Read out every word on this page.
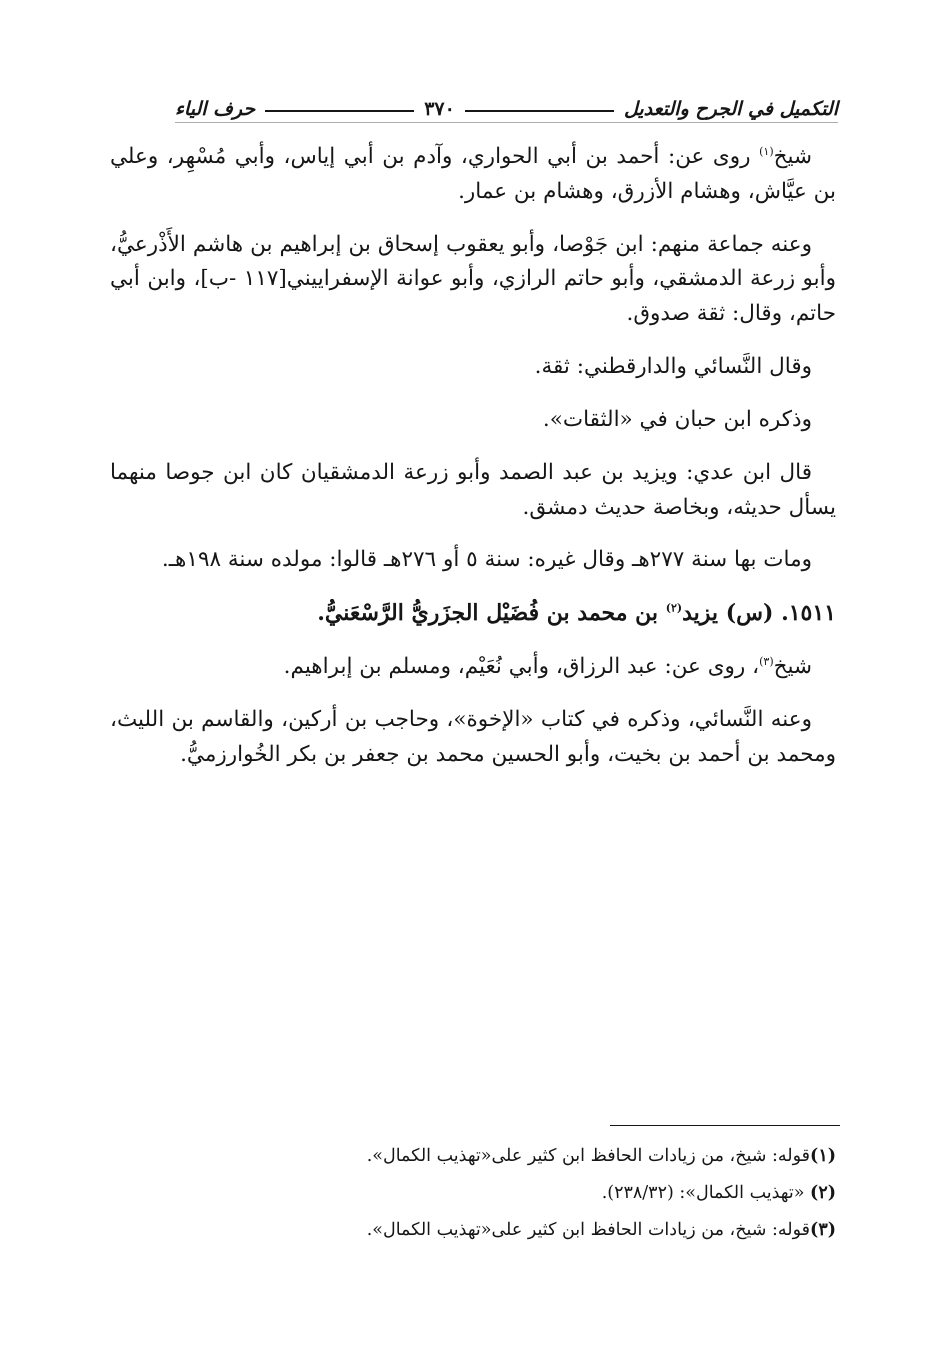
التكميل في الجرح والتعديل
٣٧٠
حرف الياء

شيخ$^{(١)}$ روى عن: أحمد بن أبي الحواري، وآدم بن أبي إياس، وأبي مُسْهِر، وعلي بن عيَّاش، وهشام الأزرق، وهشام بن عمار.

وعنه جماعة منهم: ابن جَوْصا، وأبو يعقوب إسحاق بن إبراهيم بن هاشم الأَذْرعيُّ، وأبو زرعة الدمشقي، وأبو حاتم الرازي، وأبو عوانة الإسفراييني[١١٧ -ب]، وابن أبي حاتم، وقال: ثقة صدوق.

وقال النَّسائي والدارقطني: ثقة.

وذكره ابن حبان في «الثقات».

قال ابن عدي: ويزيد بن عبد الصمد وأبو زرعة الدمشقيان كان ابن جوصا منهما يسأل حديثه، وبخاصة حديث دمشق.

ومات بها سنة ٢٧٧هـ وقال غيره: سنة ٥ أو ٢٧٦هـ قالوا: مولده سنة ١٩٨هـ.

١٥١١. (س) يزيد$^{(٢)}$ بن محمد بن فُضَيْل الجزَريُّ الرَّسْعَنيُّ.

شيخ$^{(٣)}$، روى عن: عبد الرزاق، وأبي نُعَيْم، ومسلم بن إبراهيم.

وعنه النَّسائي، وذكره في كتاب «الإخوة»، وحاجب بن أركين، والقاسم بن الليث، ومحمد بن أحمد بن بخيت، وأبو الحسين محمد بن جعفر بن بكر الخُوارزميُّ.

(١)قوله: شيخ، من زيادات الحافظ ابن كثير على«تهذيب الكمال».

(٢) «تهذيب الكمال»: (٢٣٨/٣٢).

(٣)قوله: شيخ، من زيادات الحافظ ابن كثير على«تهذيب الكمال».
